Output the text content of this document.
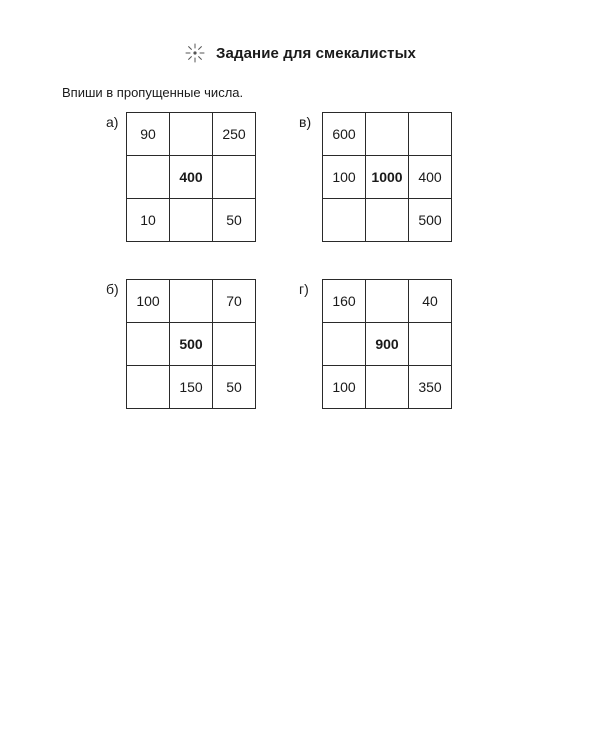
Задание для смекалистых
Впиши в пропущенные числа.
а)
90		250
	400	
10		50
в)
600		
100	1000	400
		500
б)
100		70
	500	
	150	50
г)
160		40
	900	
100		350
